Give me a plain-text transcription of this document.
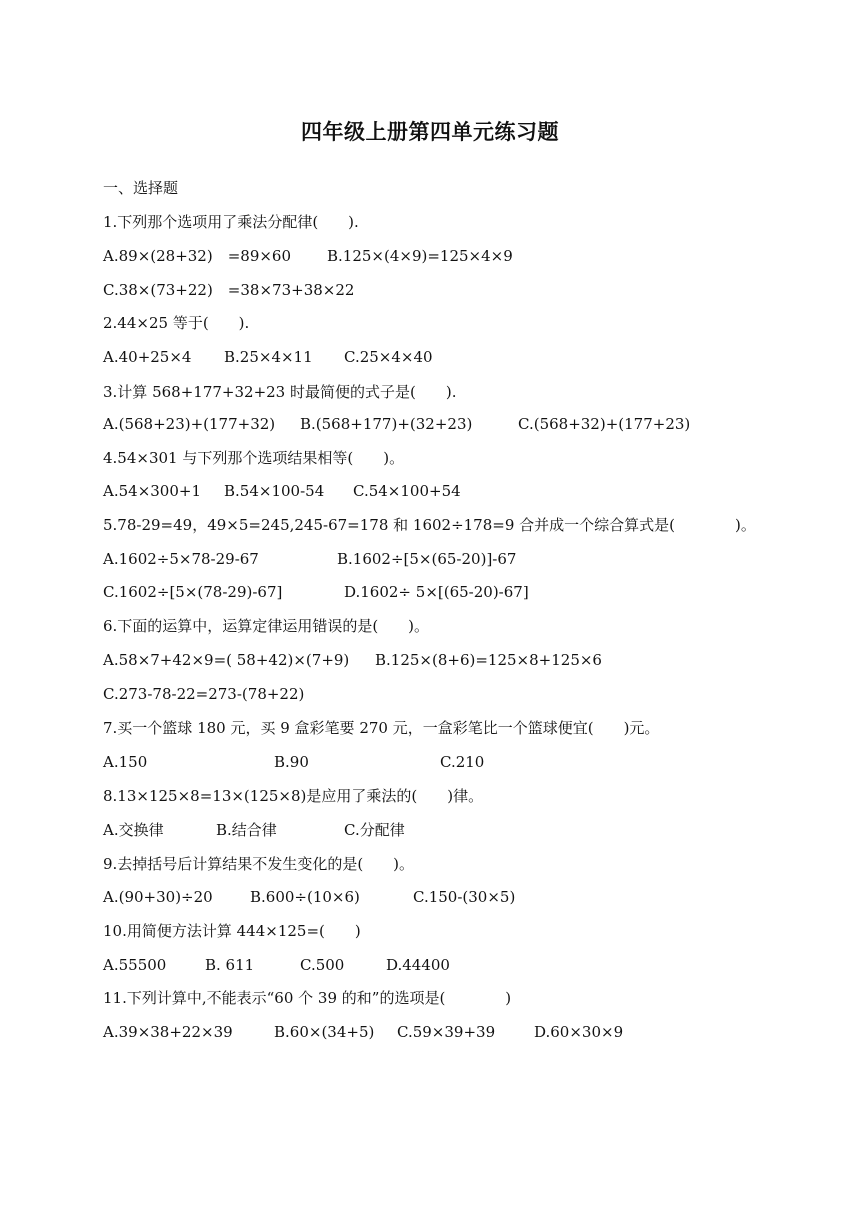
四年级上册第四单元练习题
一、选择题
1.下列那个选项用了乘法分配律(　　).
A.89×(28+32)　=89×60 B.125×(4×9)=125×4×9
C.38×(73+22)　=38×73+38×22
2.44×25 等于(　　).
A.40+25×4 B.25×4×11 C.25×4×40
3.计算 568+177+32+23 时最简便的式子是(　　).
A.(568+23)+(177+32) B.(568+177)+(32+23)	C.(568+32)+(177+23)
4.54×301 与下列那个选项结果相等(　　)。
A.54×300+1 B.54×100-54 C.54×100+54
5.78-29=49，49×5=245,245-67=178 和 1602÷178=9 合并成一个综合算式是(　　　　)。
A.1602÷5×78-29-67	B.1602÷[5×(65-20)]-67
C.1602÷[5×(78-29)-67]	D.1602÷ 5×[(65-20)-67]
6.下面的运算中，运算定律运用错误的是(　　)。
A.58×7+42×9=( 58+42)×(7+9) B.125×(8+6)=125×8+125×6
C.273-78-22=273-(78+22)
7.买一个篮球 180 元，买 9 盒彩笔要 270 元，一盒彩笔比一个篮球便宜(　　)元。
A.150	B.90	C.210
8.13×125×8=13×(125×8)是应用了乘法的(　　)律。
A.交换律	B.结合律	C.分配律
9.去掉括号后计算结果不发生变化的是(　　)。
A.(90+30)÷20 B.600÷(10×6)	C.150-(30×5)
10.用简便方法计算 444×125=(　　)
A.55500	B. 611	C.500	D.44400
11.下列计算中,不能表示“60 个 39 的和”的选项是(　　　　)
A.39×38+22×39	B.60×(34+5) C.59×39+39	D.60×30×9
